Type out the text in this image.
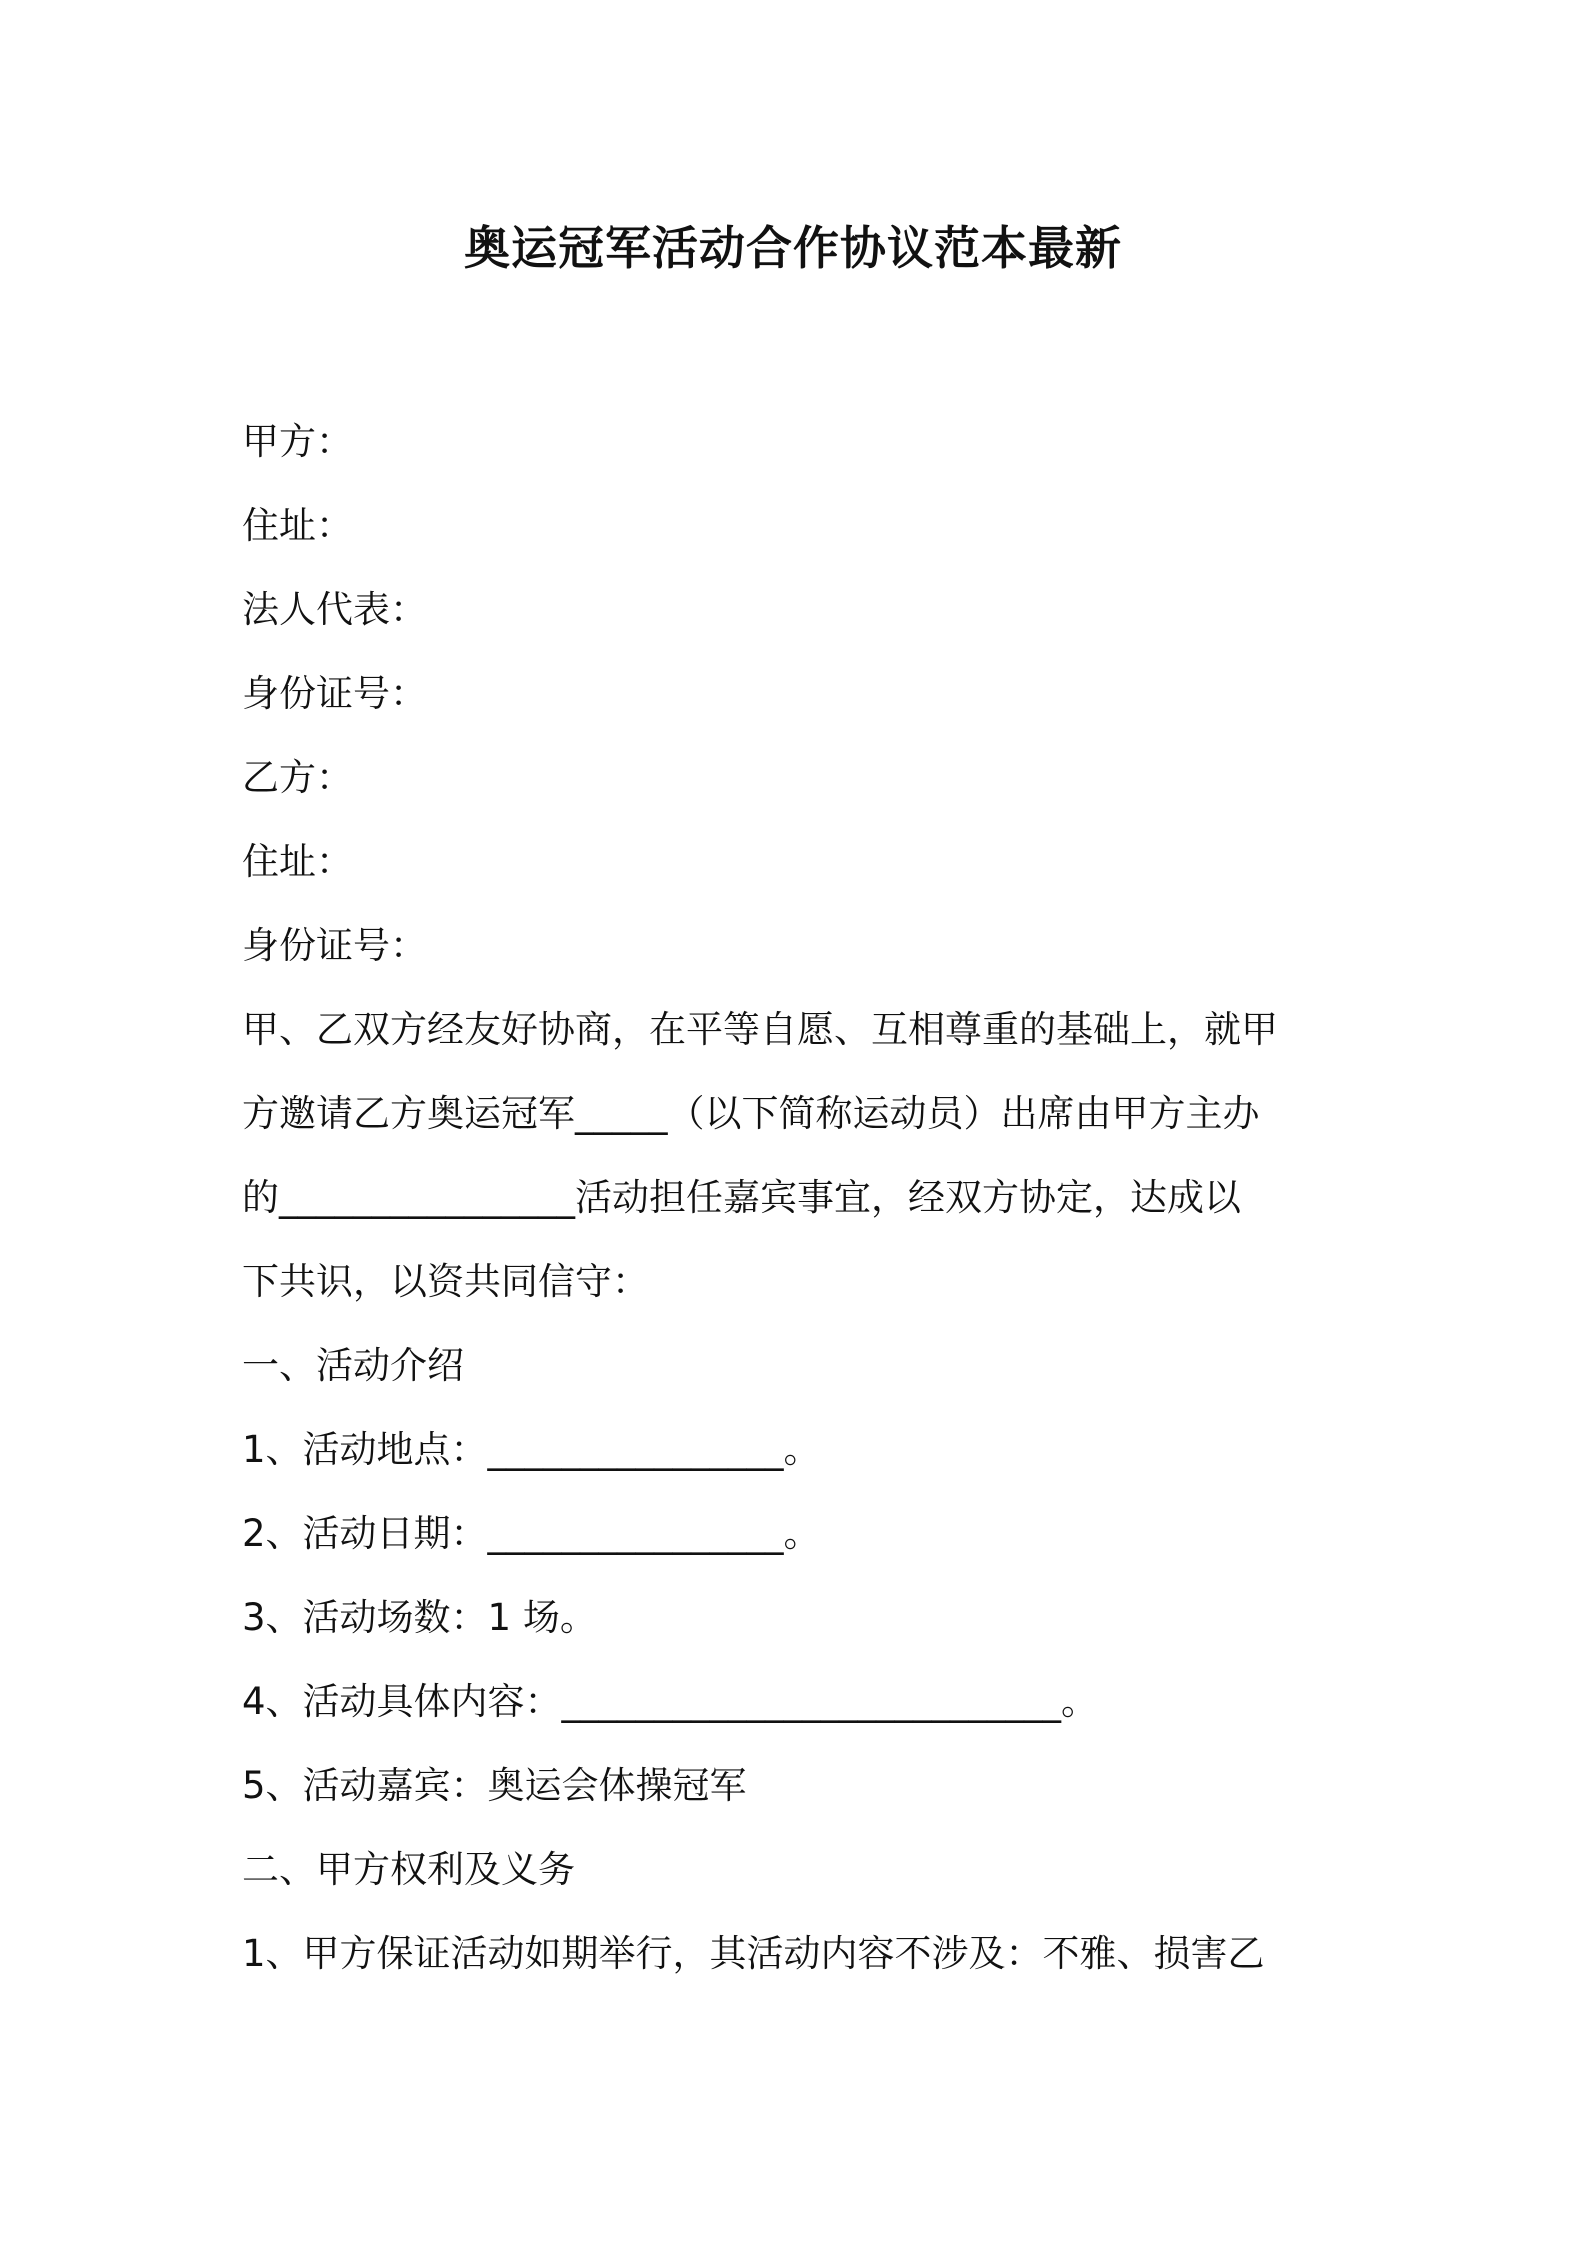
奥运冠军活动合作协议范本最新
甲方：
住址：
法人代表：
身份证号：
乙方：
住址：
身份证号：
甲、乙双方经友好协商，在平等自愿、互相尊重的基础上，就甲
方邀请乙方奥运冠军_____（以下简称运动员）出席由甲方主办
的________________活动担任嘉宾事宜，经双方协定，达成以
下共识，以资共同信守：
一、活动介绍
1、活动地点：________________。
2、活动日期：________________。
3、活动场数：1 场。
4、活动具体内容：___________________________。
5、活动嘉宾：奥运会体操冠军
二、甲方权利及义务
1、甲方保证活动如期举行，其活动内容不涉及：不雅、损害乙
